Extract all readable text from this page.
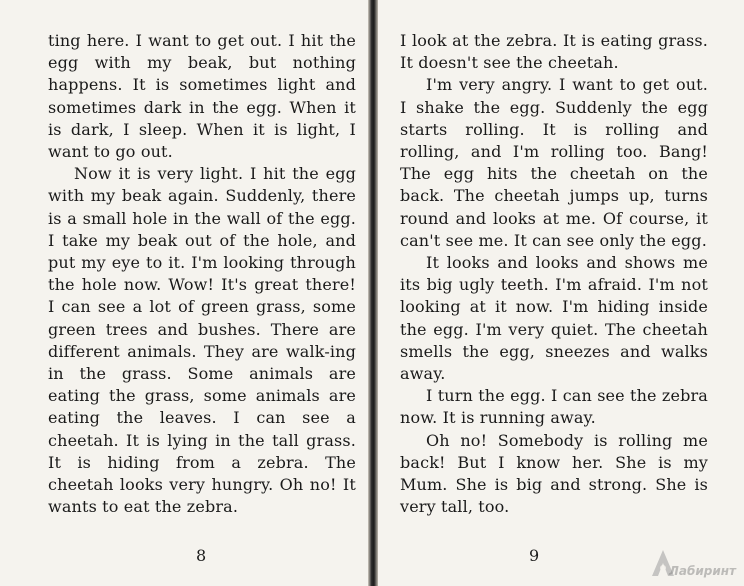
ting here. I want to get out. I hit the egg with my beak, but nothing happens. It is sometimes light and sometimes dark in the egg. When it is dark, I sleep. When it is light, I want to go out.

Now it is very light. I hit the egg with my beak again. Suddenly, there is a small hole in the wall of the egg. I take my beak out of the hole, and put my eye to it. I'm looking through the hole now. Wow! It's great there! I can see a lot of green grass, some green trees and bushes. There are different animals. They are walk-ing in the grass. Some animals are eating the grass, some animals are eating the leaves. I can see a cheetah. It is lying in the tall grass. It is hiding from a zebra. The cheetah looks very hungry. Oh no! It wants to eat the zebra.

8

I look at the zebra. It is eating grass. It doesn't see the cheetah.

I'm very angry. I want to get out. I shake the egg. Suddenly the egg starts rolling. It is rolling and rolling, and I'm rolling too. Bang! The egg hits the cheetah on the back. The cheetah jumps up, turns round and looks at me. Of course, it can't see me. It can see only the egg.

It looks and looks and shows me its big ugly teeth. I'm afraid. I'm not looking at it now. I'm hiding inside the egg. I'm very quiet. The cheetah smells the egg, sneezes and walks away.

I turn the egg. I can see the zebra now. It is running away.

Oh no! Somebody is rolling me back! But I know her. She is my Mum. She is big and strong. She is very tall, too.

9
Лабиринт
